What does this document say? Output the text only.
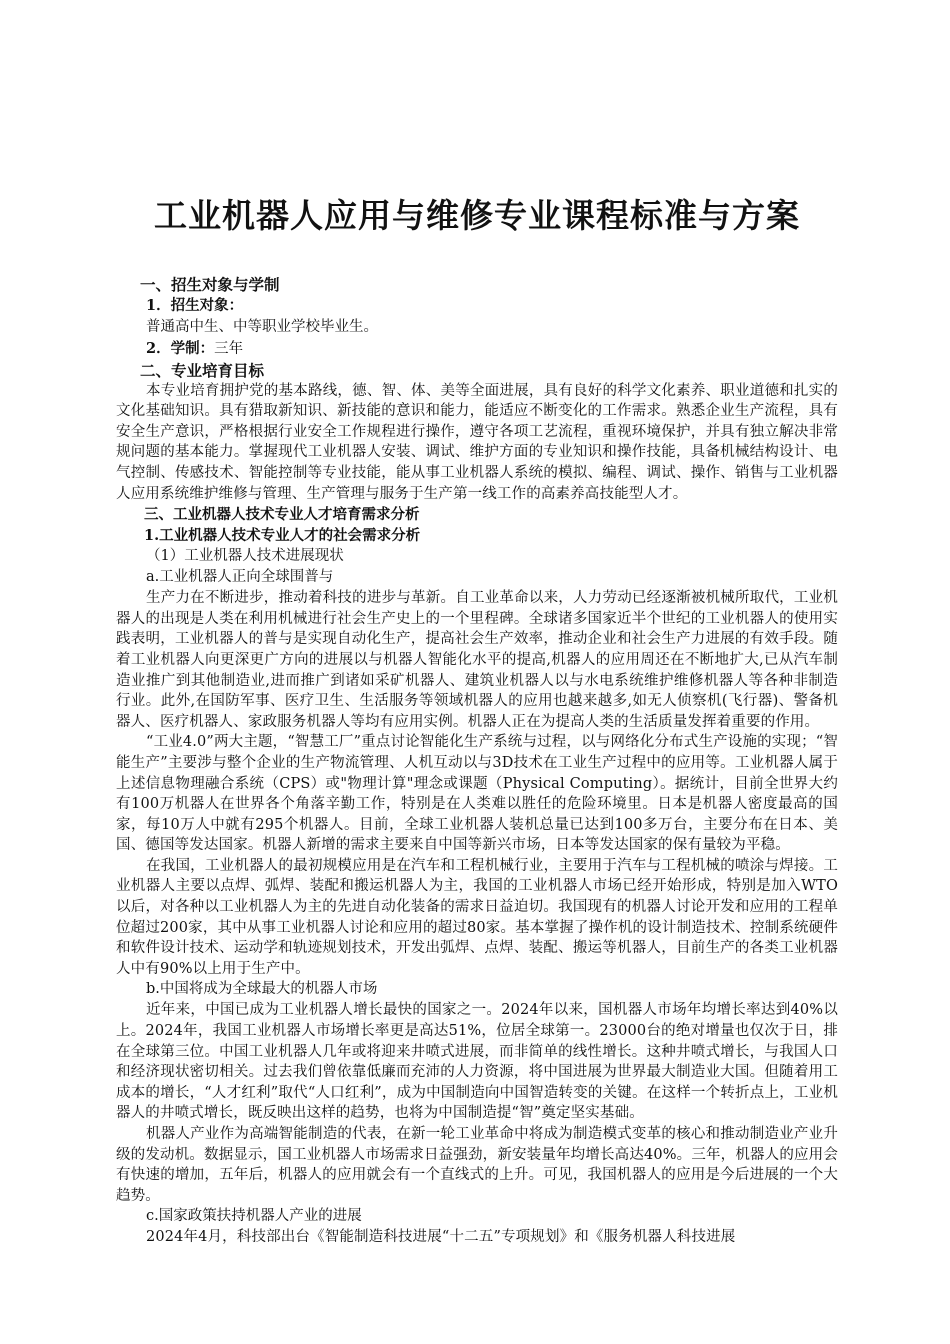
工业机器人应用与维修专业课程标准与方案
一、招生对象与学制
1．招生对象：
普通高中生、中等职业学校毕业生。
2．学制：三年
二、专业培育目标

本专业培育拥护党的基本路线，德、智、体、美等全面进展，具有良好的科学文化素养、职业道德和扎实的文化基础知识。具有猎取新知识、新技能的意识和能力，能适应不断变化的工作需求。熟悉企业生产流程，具有安全生产意识，严格根据行业安全工作规程进行操作，遵守各项工艺流程，重视环境保护，并具有独立解决非常规问题的基本能力。掌握现代工业机器人安装、调试、维护方面的专业知识和操作技能，具备机械结构设计、电气控制、传感技术、智能控制等专业技能，能从事工业机器人系统的模拟、编程、调试、操作、销售与工业机器人应用系统维护维修与管理、生产管理与服务于生产第一线工作的高素养高技能型人才。

三、工业机器人技术专业人才培育需求分析
1.工业机器人技术专业人才的社会需求分析
（1）工业机器人技术进展现状
a.工业机器人正向全球围普与

生产力在不断进步，推动着科技的进步与革新。自工业革命以来，人力劳动已经逐渐被机械所取代，工业机器人的出现是人类在利用机械进行社会生产史上的一个里程碑。全球诸多国家近半个世纪的工业机器人的使用实践表明，工业机器人的普与是实现自动化生产，提高社会生产效率，推动企业和社会生产力进展的有效手段。随着工业机器人向更深更广方向的进展以与机器人智能化水平的提高,机器人的应用周还在不断地扩大,已从汽车制造业推广到其他制造业,进而推广到诸如采矿机器人、建筑业机器人以与水电系统维护维修机器人等各种非制造行业。此外,在国防军事、医疗卫生、生活服务等领域机器人的应用也越来越多,如无人侦察机(飞行器)、警备机器人、医疗机器人、家政服务机器人等均有应用实例。机器人正在为提高人类的生活质量发挥着重要的作用。

“工业4.0”两大主题，“智慧工厂”重点讨论智能化生产系统与过程，以与网络化分布式生产设施的实现；“智能生产”主要涉与整个企业的生产物流管理、人机互动以与3D技术在工业生产过程中的应用等。工业机器人属于上述信息物理融合系统（CPS）或"物理计算"理念或课题（Physical Computing）。据统计，目前全世界大约有100万机器人在世界各个角落辛勤工作，特别是在人类难以胜任的危险环境里。日本是机器人密度最高的国家，每10万人中就有295个机器人。目前，全球工业机器人装机总量已达到100多万台，主要分布在日本、美国、德国等发达国家。机器人新增的需求主要来自中国等新兴市场，日本等发达国家的保有量较为平稳。

在我国，工业机器人的最初规模应用是在汽车和工程机械行业，主要用于汽车与工程机械的喷涂与焊接。工业机器人主要以点焊、弧焊、装配和搬运机器人为主，我国的工业机器人市场已经开始形成，特别是加入WTO以后，对各种以工业机器人为主的先进自动化装备的需求日益迫切。我国现有的机器人讨论开发和应用的工程单位超过200家，其中从事工业机器人讨论和应用的超过80家。基本掌握了操作机的设计制造技术、控制系统硬件和软件设计技术、运动学和轨迹规划技术，开发出弧焊、点焊、装配、搬运等机器人，目前生产的各类工业机器人中有90%以上用于生产中。

b.中国将成为全球最大的机器人市场

近年来，中国已成为工业机器人增长最快的国家之一。2024年以来，国机器人市场年均增长率达到40%以上。2024年，我国工业机器人市场增长率更是高达51%，位居全球第一。23000台的绝对增量也仅次于日，排在全球第三位。中国工业机器人几年或将迎来井喷式进展，而非简单的线性增长。这种井喷式增长，与我国人口和经济现状密切相关。过去我们曾依靠低廉而充沛的人力资源，将中国进展为世界最大制造业大国。但随着用工成本的增长，“人才红利”取代“人口红利”，成为中国制造向中国智造转变的关键。在这样一个转折点上，工业机器人的井喷式增长，既反映出这样的趋势，也将为中国制造提“智”奠定坚实基础。

机器人产业作为高端智能制造的代表，在新一轮工业革命中将成为制造模式变革的核心和推动制造业产业升级的发动机。数据显示，国工业机器人市场需求日益强劲，新安装量年均增长高达40%。三年，机器人的应用会有快速的增加，五年后，机器人的应用就会有一个直线式的上升。可见，我国机器人的应用是今后进展的一个大趋势。

c.国家政策扶持机器人产业的进展

2024年4月，科技部出台《智能制造科技进展“十二五”专项规划》和《服务机器人科技进展
